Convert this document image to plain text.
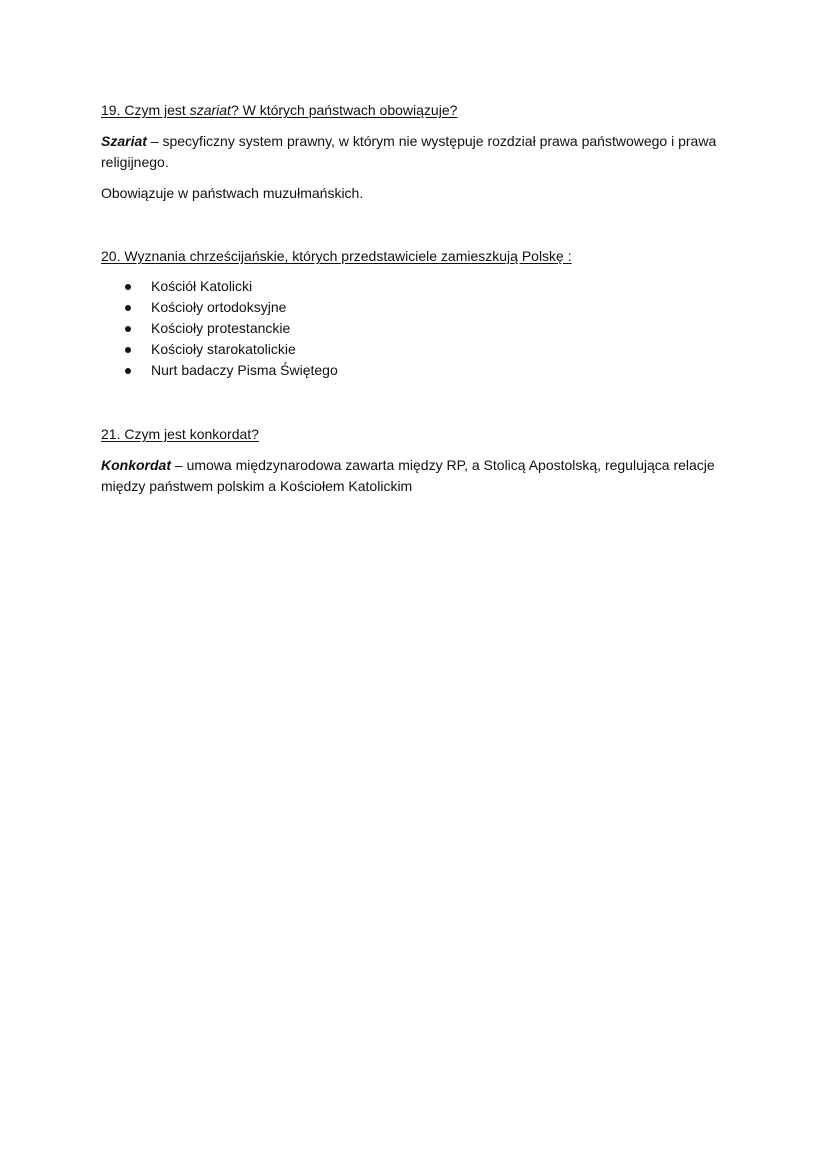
19. Czym jest szariat? W których państwach obowiązuje?

Szariat – specyficzny system prawny, w którym nie występuje rozdział prawa państwowego i prawa religijnego.

Obowiązuje w państwach muzułmańskich.

20. Wyznania chrześcijańskie, których przedstawiciele zamieszkują Polskę :
Kościół Katolicki
Kościoły ortodoksyjne
Kościoły protestanckie
Kościoły starokatolickie
Nurt badaczy Pisma Świętego
21. Czym jest konkordat?

Konkordat – umowa międzynarodowa zawarta między RP, a Stolicą Apostolską, regulująca relacje między państwem polskim a Kościołem Katolickim
